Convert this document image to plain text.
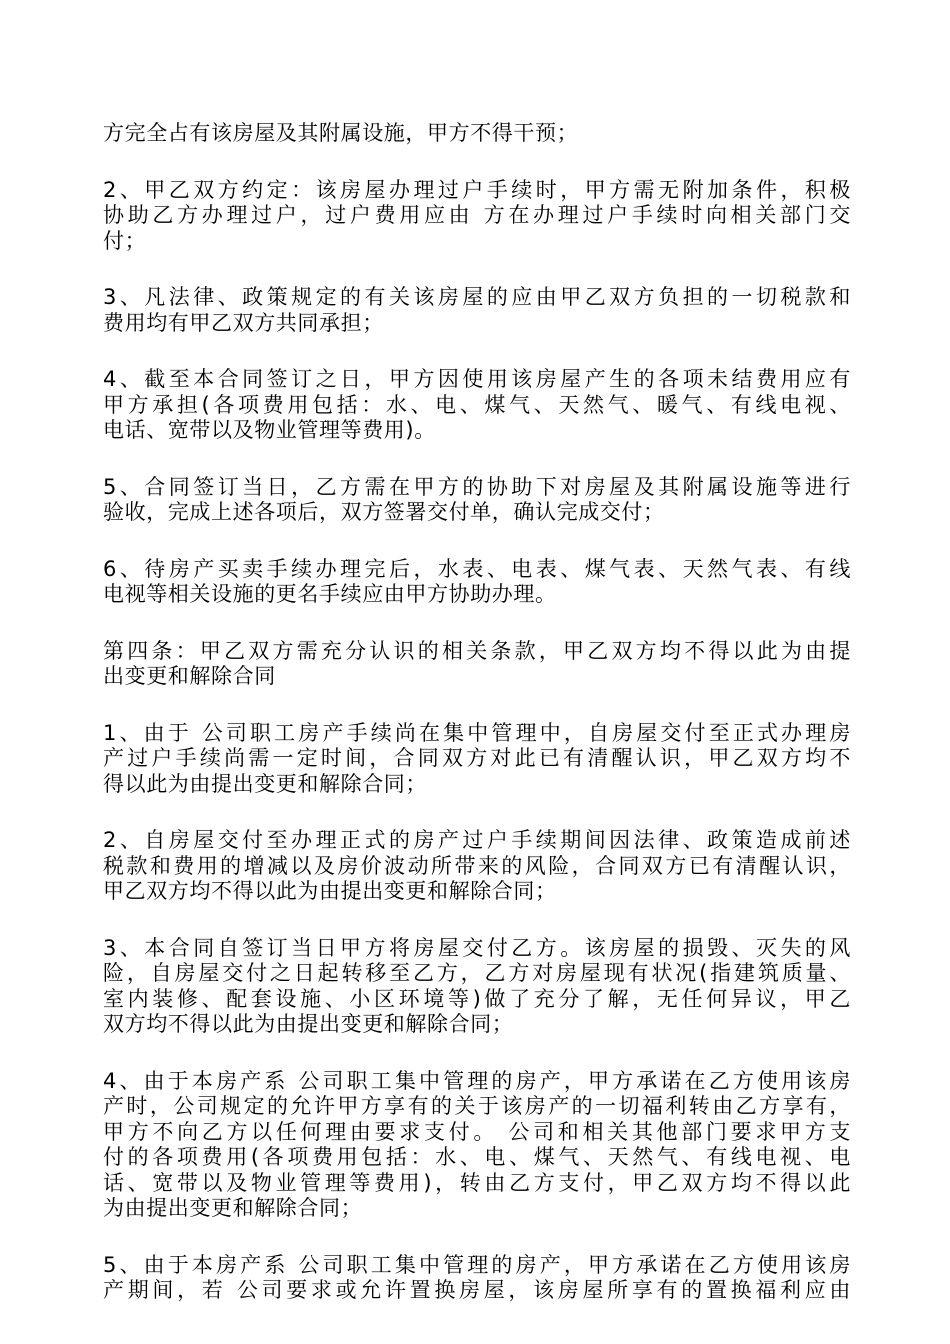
方完全占有该房屋及其附属设施，甲方不得干预；
2、甲乙双方约定：该房屋办理过户手续时，甲方需无附加条件，积极
协助乙方办理过户，过户费用应由 方在办理过户手续时向相关部门交
付；
3、凡法律、政策规定的有关该房屋的应由甲乙双方负担的一切税款和
费用均有甲乙双方共同承担；
4、截至本合同签订之日，甲方因使用该房屋产生的各项未结费用应有
甲方承担(各项费用包括：水、电、煤气、天然气、暖气、有线电视、
电话、宽带以及物业管理等费用)。
5、合同签订当日，乙方需在甲方的协助下对房屋及其附属设施等进行
验收，完成上述各项后，双方签署交付单，确认完成交付；
6、待房产买卖手续办理完后，水表、电表、煤气表、天然气表、有线
电视等相关设施的更名手续应由甲方协助办理。
第四条：甲乙双方需充分认识的相关条款，甲乙双方均不得以此为由提
出变更和解除合同
1、由于 公司职工房产手续尚在集中管理中，自房屋交付至正式办理房
产过户手续尚需一定时间，合同双方对此已有清醒认识，甲乙双方均不
得以此为由提出变更和解除合同；
2、自房屋交付至办理正式的房产过户手续期间因法律、政策造成前述
税款和费用的增减以及房价波动所带来的风险，合同双方已有清醒认识，
甲乙双方均不得以此为由提出变更和解除合同；
3、本合同自签订当日甲方将房屋交付乙方。该房屋的损毁、灭失的风
险，自房屋交付之日起转移至乙方，乙方对房屋现有状况(指建筑质量、
室内装修、配套设施、小区环境等)做了充分了解，无任何异议，甲乙
双方均不得以此为由提出变更和解除合同；
4、由于本房产系 公司职工集中管理的房产，甲方承诺在乙方使用该房
产时，公司规定的允许甲方享有的关于该房产的一切福利转由乙方享有，
甲方不向乙方以任何理由要求支付。 公司和相关其他部门要求甲方支
付的各项费用(各项费用包括：水、电、煤气、天然气、有线电视、电
话、宽带以及物业管理等费用)，转由乙方支付，甲乙双方均不得以此
为由提出变更和解除合同；
5、由于本房产系 公司职工集中管理的房产，甲方承诺在乙方使用该房
产期间，若 公司要求或允许置换房屋，该房屋所享有的置换福利应由
